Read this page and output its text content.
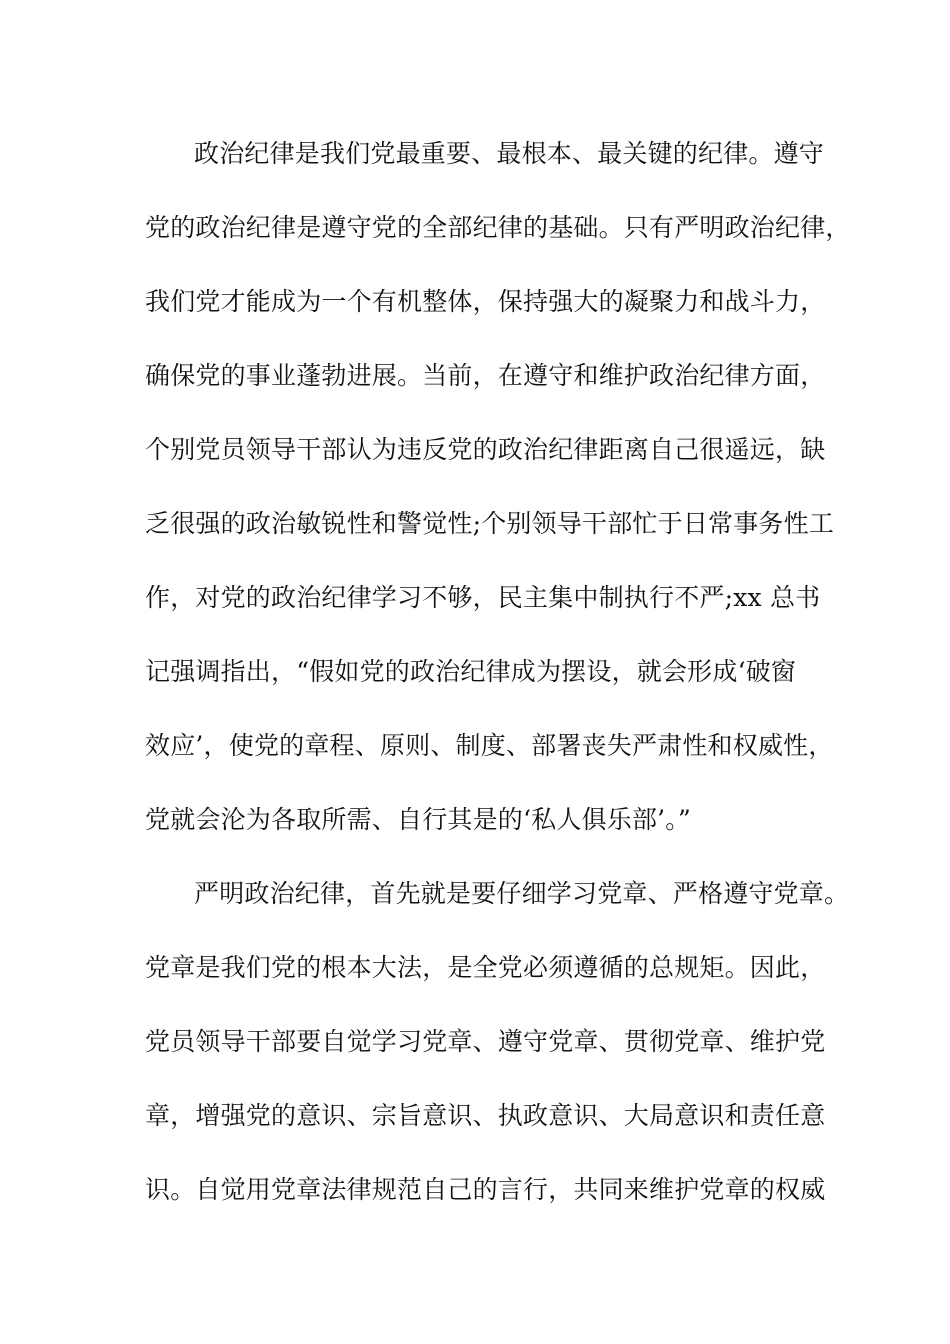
政治纪律是我们党最重要、最根本、最关键的纪律。遵守
党的政治纪律是遵守党的全部纪律的基础。只有严明政治纪律，
我们党才能成为一个有机整体，保持强大的凝聚力和战斗力，
确保党的事业蓬勃进展。当前，在遵守和维护政治纪律方面，
个别党员领导干部认为违反党的政治纪律距离自己很遥远，缺
乏很强的政治敏锐性和警觉性;个别领导干部忙于日常事务性工
作，对党的政治纪律学习不够，民主集中制执行不严;xx 总书
记强调指出，“假如党的政治纪律成为摆设，就会形成‘破窗
效应’，使党的章程、原则、制度、部署丧失严肃性和权威性，
党就会沦为各取所需、自行其是的‘私人俱乐部’。”
严明政治纪律，首先就是要仔细学习党章、严格遵守党章。
党章是我们党的根本大法，是全党必须遵循的总规矩。因此，
党员领导干部要自觉学习党章、遵守党章、贯彻党章、维护党
章，增强党的意识、宗旨意识、执政意识、大局意识和责任意
识。自觉用党章法律规范自己的言行，共同来维护党章的权威
